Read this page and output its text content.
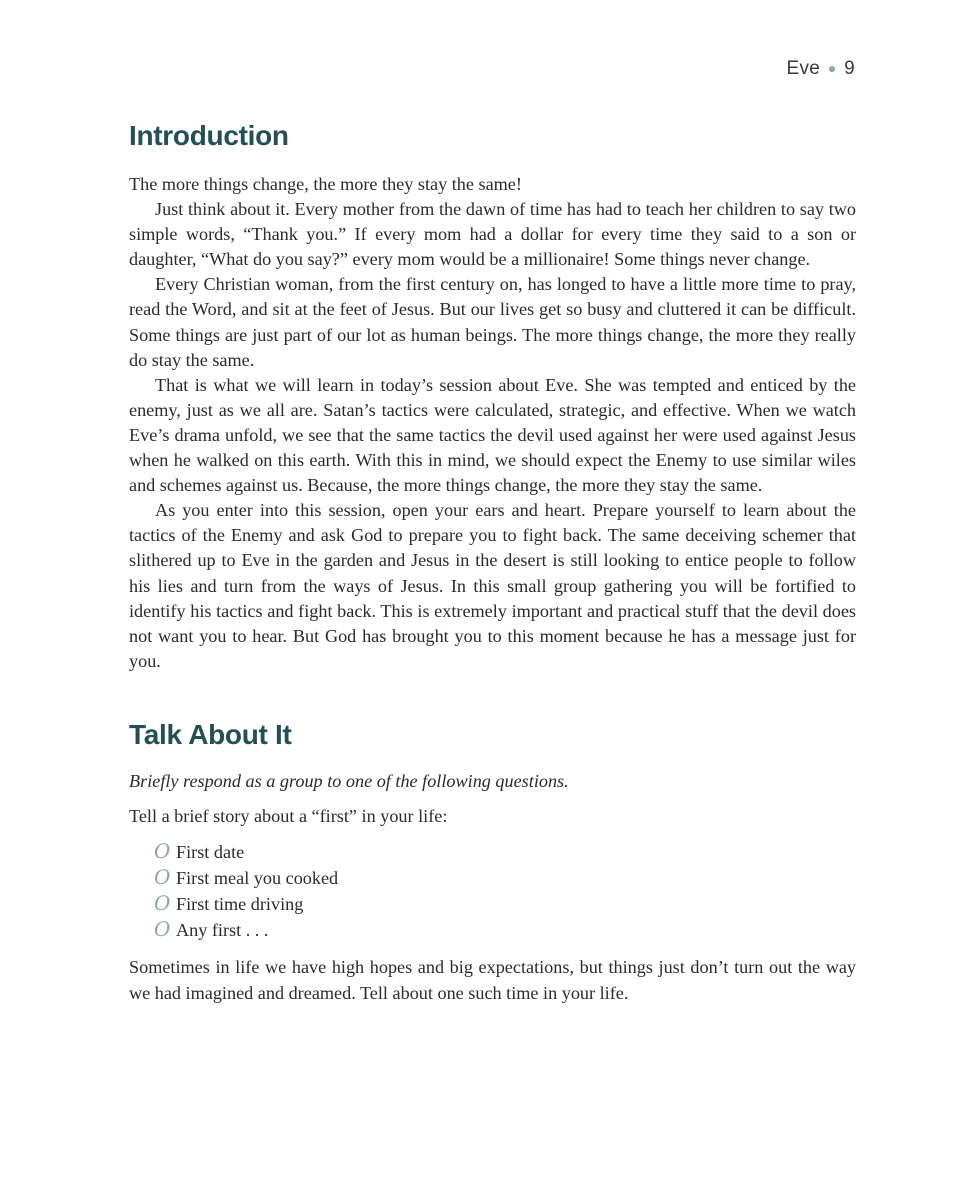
Eve 9
Introduction

The more things change, the more they stay the same!

Just think about it. Every mother from the dawn of time has had to teach her children to say two simple words, “Thank you.” If every mom had a dollar for every time they said to a son or daughter, “What do you say?” every mom would be a millionaire! Some things never change.

Every Christian woman, from the first century on, has longed to have a little more time to pray, read the Word, and sit at the feet of Jesus. But our lives get so busy and cluttered it can be difficult. Some things are just part of our lot as human beings. The more things change, the more they really do stay the same.

That is what we will learn in today’s session about Eve. She was tempted and enticed by the enemy, just as we all are. Satan’s tactics were calculated, strategic, and effective. When we watch Eve’s drama unfold, we see that the same tactics the devil used against her were used against Jesus when he walked on this earth. With this in mind, we should expect the Enemy to use similar wiles and schemes against us. Because, the more things change, the more they stay the same.

As you enter into this session, open your ears and heart. Prepare yourself to learn about the tactics of the Enemy and ask God to prepare you to fight back. The same deceiving schemer that slithered up to Eve in the garden and Jesus in the desert is still looking to entice people to follow his lies and turn from the ways of Jesus. In this small group gathering you will be fortified to identify his tactics and fight back. This is extremely important and practical stuff that the devil does not want you to hear. But God has brought you to this moment because he has a message just for you.

Talk About It

Briefly respond as a group to one of the following questions.

Tell a brief story about a “first” in your life:

O First date
O First meal you cooked
O First time driving
O Any first . . .

Sometimes in life we have high hopes and big expectations, but things just don’t turn out the way we had imagined and dreamed. Tell about one such time in your life.
